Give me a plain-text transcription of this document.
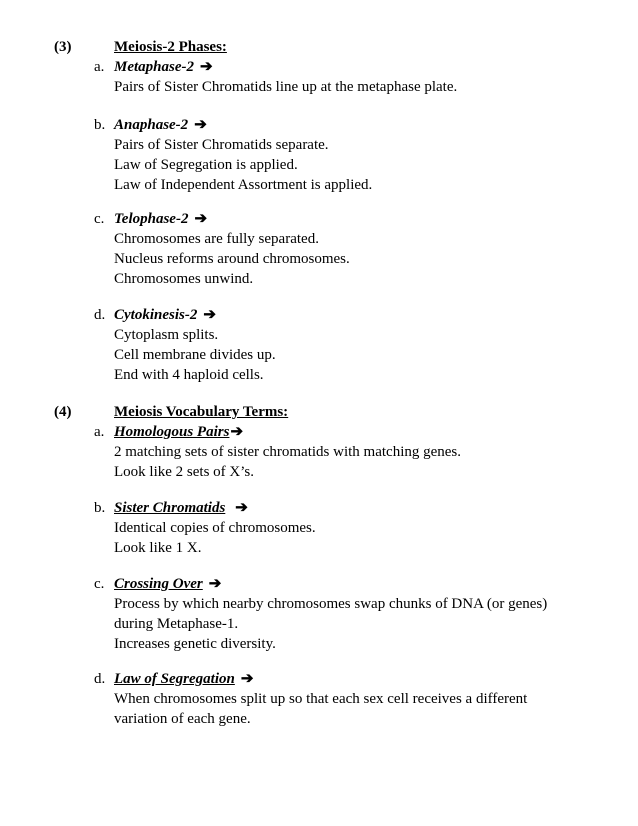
(3)	Meiosis-2 Phases:
a. Metaphase-2 ➔
Pairs of Sister Chromatids line up at the metaphase plate.
b. Anaphase-2 ➔
Pairs of Sister Chromatids separate.
Law of Segregation is applied.
Law of Independent Assortment is applied.
c. Telophase-2 ➔
Chromosomes are fully separated.
Nucleus reforms around chromosomes.
Chromosomes unwind.
d. Cytokinesis-2 ➔
Cytoplasm splits.
Cell membrane divides up.
End with 4 haploid cells.
(4)	Meiosis Vocabulary Terms:
a. Homologous Pairs➔
2 matching sets of sister chromatids with matching genes.
Look like 2 sets of X’s.
b. Sister Chromatids ➔
Identical copies of chromosomes.
Look like 1 X.
c. Crossing Over ➔
Process by which nearby chromosomes swap chunks of DNA (or genes)
during Metaphase-1.
Increases genetic diversity.
d. Law of Segregation ➔
When chromosomes split up so that each sex cell receives a different
variation of each gene.
